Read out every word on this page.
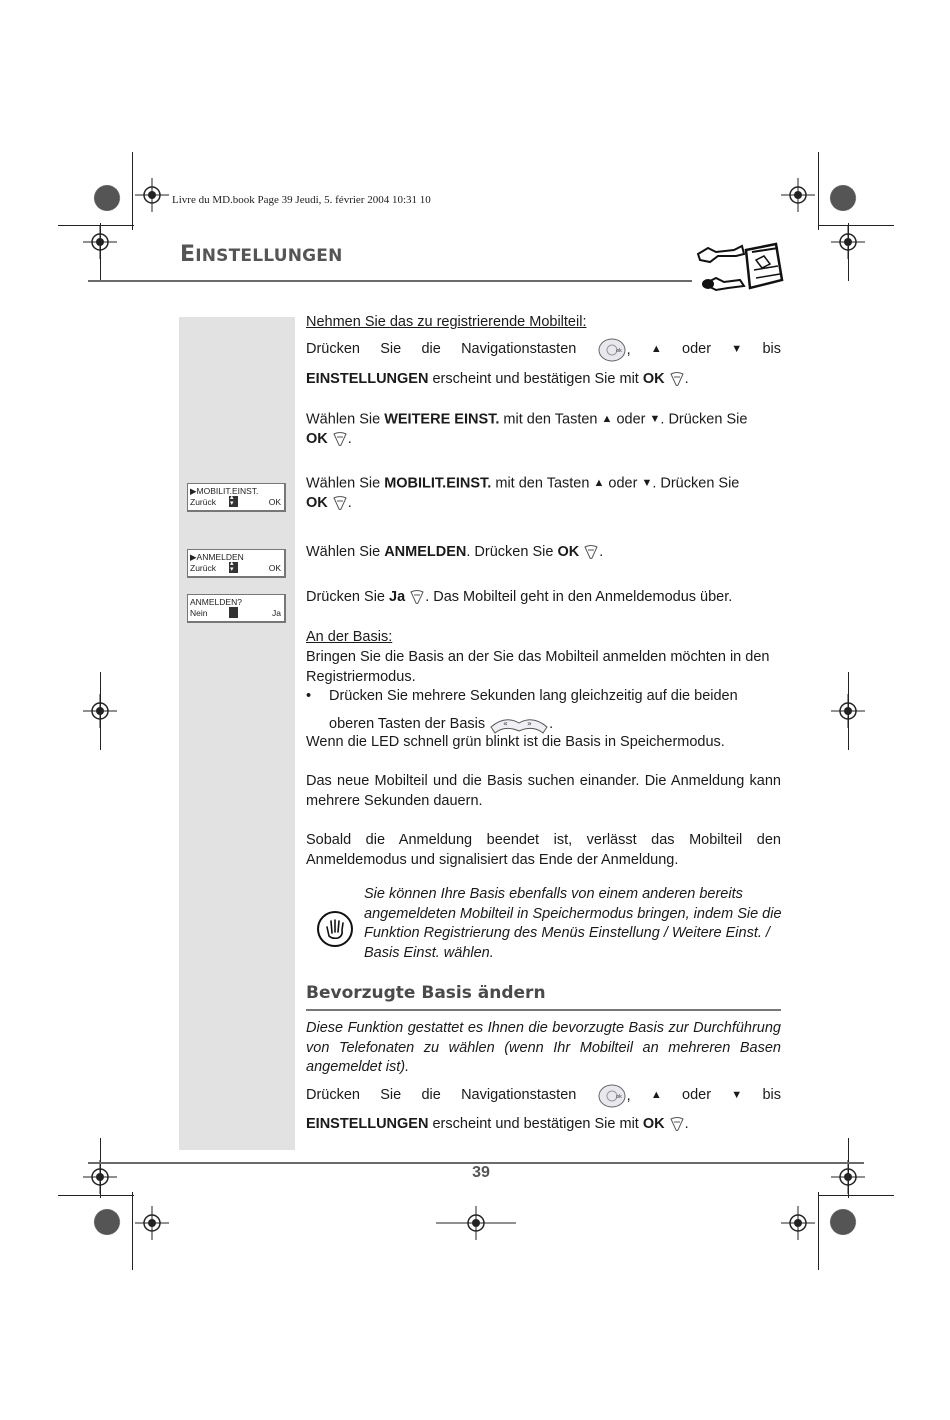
Livre du MD.book Page 39 Jeudi, 5. février 2004 10:31 10
EINSTELLUNGEN
▶MOBILIT.EINST.
Zurück ▴ ▾	OK
▶ANMELDEN
Zurück ▴ ▾	OK
ANMELDEN?
Nein	Ja
Nehmen Sie das zu registrierende Mobilteil:
Drücken Sie die Navigationstasten	ok , ▲ oder ▼ bis
EINSTELLUNGEN erscheint und bestätigen Sie mit OK .
Wählen Sie WEITERE EINST. mit den Tasten ▲ oder ▼. Drücken Sie
OK .
Wählen Sie MOBILIT.EINST. mit den Tasten ▲ oder ▼. Drücken Sie
OK .
Wählen Sie ANMELDEN. Drücken Sie OK .
Drücken Sie Ja . Das Mobilteil geht in den Anmeldemodus über.
An der Basis:
Bringen Sie die Basis an der Sie das Mobilteil anmelden möchten in den Registriermodus.
• Drücken Sie mehrere Sekunden lang gleichzeitig auf die beiden
oberen Tasten der Basis « » .
Wenn die LED schnell grün blinkt ist die Basis in Speichermodus.
Das neue Mobilteil und die Basis suchen einander. Die Anmeldung kann mehrere Sekunden dauern.
Sobald die Anmeldung beendet ist, verlässt das Mobilteil den Anmeldemodus und signalisiert das Ende der Anmeldung.
Sie können Ihre Basis ebenfalls von einem anderen bereits angemeldeten Mobilteil in Speichermodus bringen, indem Sie die Funktion Registrierung des Menüs Einstellung / Weitere Einst. / Basis Einst. wählen.
Bevorzugte Basis ändern
Diese Funktion gestattet es Ihnen die bevorzugte Basis zur Durchführung von Telefonaten zu wählen (wenn Ihr Mobilteil an mehreren Basen angemeldet ist).
Drücken Sie die Navigationstasten	ok , ▲ oder ▼ bis
EINSTELLUNGEN erscheint und bestätigen Sie mit OK .
39
